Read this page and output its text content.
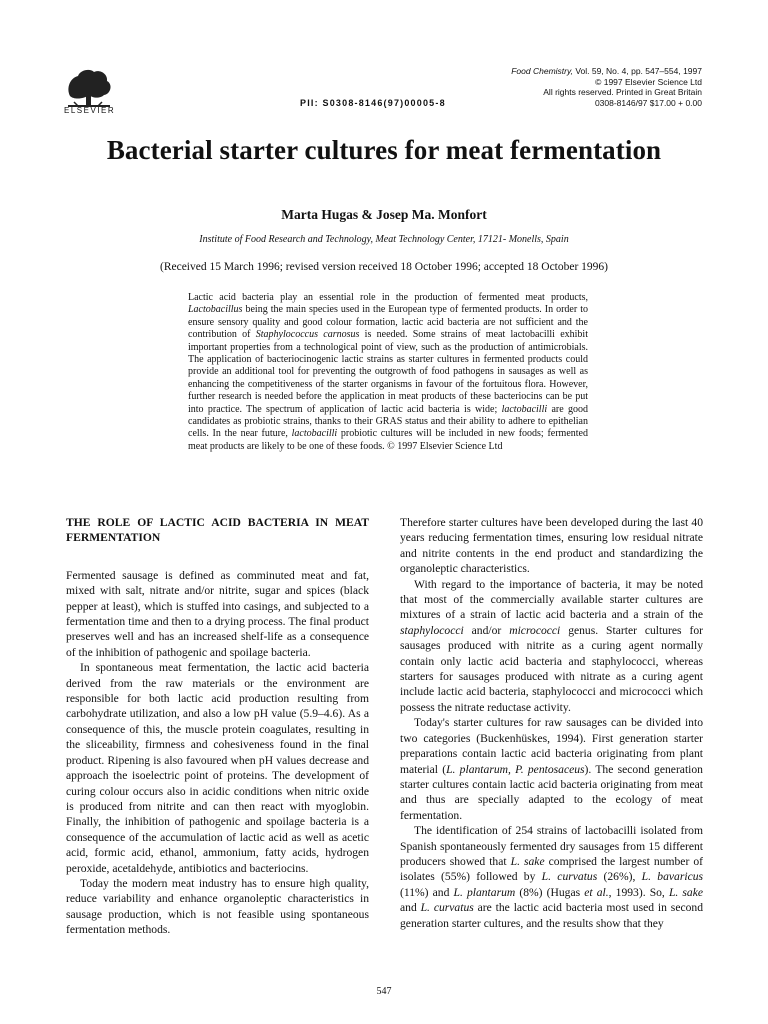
ELSEVIER
PII: S0308-8146(97)00005-8
Food Chemistry, Vol. 59, No. 4, pp. 547–554, 1997
© 1997 Elsevier Science Ltd
All rights reserved. Printed in Great Britain
0308-8146/97 $17.00 + 0.00
Bacterial starter cultures for meat fermentation
Marta Hugas & Josep Ma. Monfort
Institute of Food Research and Technology, Meat Technology Center, 17121- Monells, Spain
(Received 15 March 1996; revised version received 18 October 1996; accepted 18 October 1996)
Lactic acid bacteria play an essential role in the production of fermented meat products, Lactobacillus being the main species used in the European type of fermented products. In order to ensure sensory quality and good colour formation, lactic acid bacteria are not sufficient and the contribution of Staphylococcus carnosus is needed. Some strains of meat lactobacilli exhibit important properties from a technological point of view, such as the production of antimicrobials. The application of bacteriocinogenic lactic strains as starter cultures in fermented products could provide an additional tool for preventing the outgrowth of food pathogens in sausages as well as enhancing the competitiveness of the starter organisms in favour of the fortuitous flora. However, further research is needed before the application in meat products of these bacteriocins can be put into practice. The spectrum of application of lactic acid bacteria is wide; lactobacilli are good candidates as probiotic strains, thanks to their GRAS status and their ability to adhere to epithelian cells. In the near future, lactobacilli probiotic cultures will be included in new foods; fermented meat products are likely to be one of these foods. © 1997 Elsevier Science Ltd
THE ROLE OF LACTIC ACID BACTERIA IN MEAT FERMENTATION

Fermented sausage is defined as comminuted meat and fat, mixed with salt, nitrate and/or nitrite, sugar and spices (black pepper at least), which is stuffed into casings, and subjected to a fermentation time and then to a drying process. The final product preserves well and has an increased shelf-life as a consequence of the inhibition of pathogenic and spoilage bacteria.

In spontaneous meat fermentation, the lactic acid bacteria derived from the raw materials or the environment are responsible for both lactic acid production resulting from carbohydrate utilization, and also a low pH value (5.9–4.6). As a consequence of this, the muscle protein coagulates, resulting in the sliceability, firmness and cohesiveness found in the final product. Ripening is also favoured when pH values decrease and approach the isoelectric point of proteins. The development of curing colour occurs also in acidic conditions when nitric oxide is produced from nitrite and can then react with myoglobin. Finally, the inhibition of pathogenic and spoilage bacteria is a consequence of the accumulation of lactic acid as well as acetic acid, formic acid, ethanol, ammonium, fatty acids, hydrogen peroxide, acetaldehyde, antibiotics and bacteriocins.

Today the modern meat industry has to ensure high quality, reduce variability and enhance organoleptic characteristics in sausage production, which is not feasible using spontaneous fermentation methods.

Therefore starter cultures have been developed during the last 40 years reducing fermentation times, ensuring low residual nitrate and nitrite contents in the end product and standardizing the organoleptic characteristics.

With regard to the importance of bacteria, it may be noted that most of the commercially available starter cultures are mixtures of a strain of lactic acid bacteria and a strain of the staphylococci and/or micrococci genus. Starter cultures for sausages produced with nitrite as a curing agent normally contain only lactic acid bacteria and staphylococci, whereas starters for sausages produced with nitrate as a curing agent include lactic acid bacteria, staphylococci and micrococci which possess the nitrate reductase activity.

Today's starter cultures for raw sausages can be divided into two categories (Buckenhüskes, 1994). First generation starter preparations contain lactic acid bacteria originating from plant material (L. plantarum, P. pentosaceus). The second generation starter cultures contain lactic acid bacteria originating from meat and thus are specially adapted to the ecology of meat fermentation.

The identification of 254 strains of lactobacilli isolated from Spanish spontaneously fermented dry sausages from 15 different producers showed that L. sake comprised the largest number of isolates (55%) followed by L. curvatus (26%), L. bavaricus (11%) and L. plantarum (8%) (Hugas et al., 1993). So, L. sake and L. curvatus are the lactic acid bacteria most used in second generation starter cultures, and the results show that they

547
